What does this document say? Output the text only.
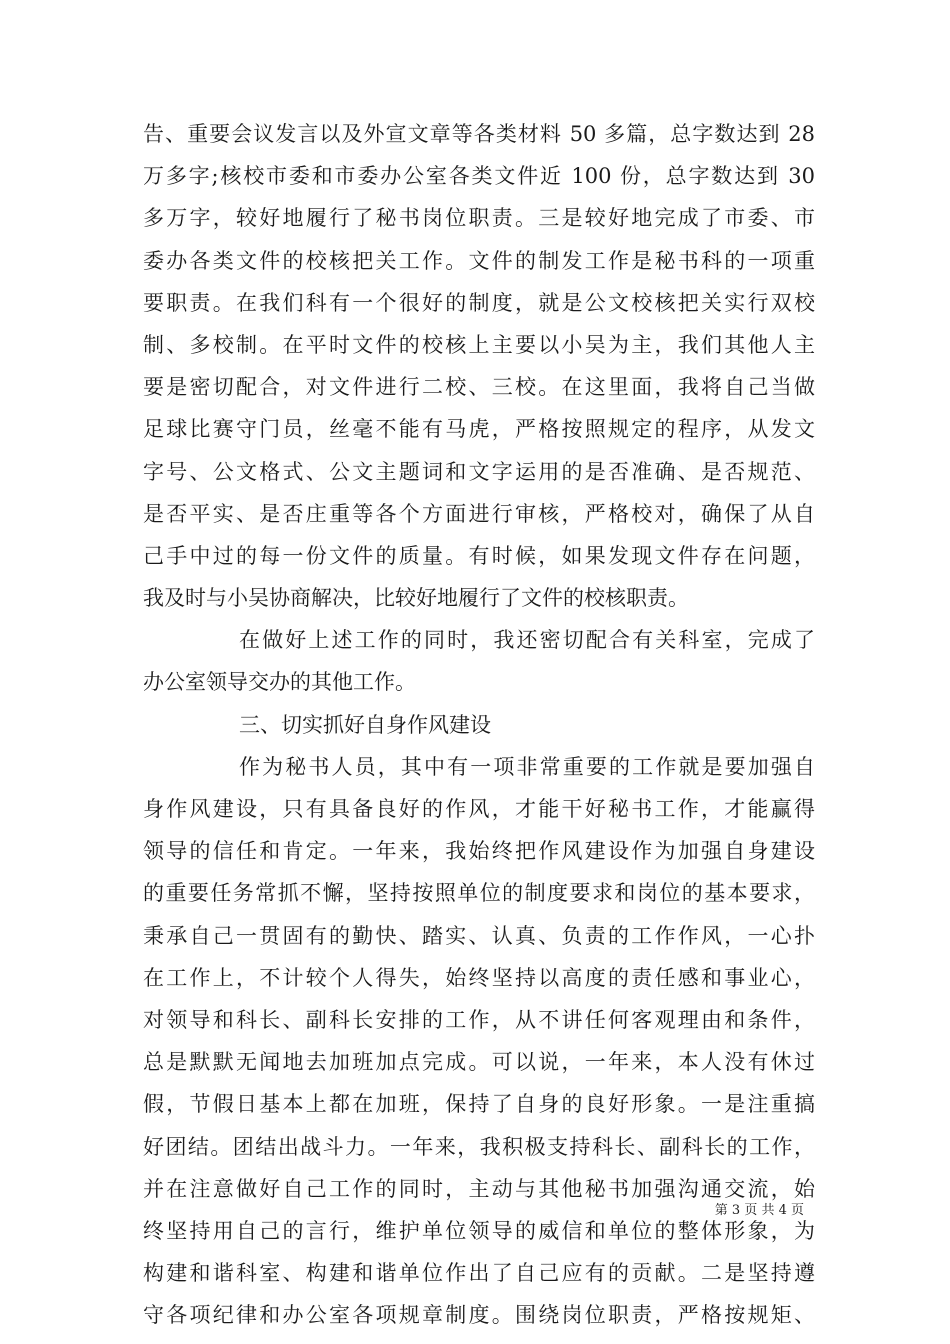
告、重要会议发言以及外宣文章等各类材料 50 多篇，总字数达到 28
万多字;核校市委和市委办公室各类文件近 100 份，总字数达到 30
多万字，较好地履行了秘书岗位职责。三是较好地完成了市委、市
委办各类文件的校核把关工作。文件的制发工作是秘书科的一项重
要职责。在我们科有一个很好的制度，就是公文校核把关实行双校
制、多校制。在平时文件的校核上主要以小吴为主，我们其他人主
要是密切配合，对文件进行二校、三校。在这里面，我将自己当做
足球比赛守门员，丝毫不能有马虎，严格按照规定的程序，从发文
字号、公文格式、公文主题词和文字运用的是否准确、是否规范、
是否平实、是否庄重等各个方面进行审核，严格校对，确保了从自
己手中过的每一份文件的质量。有时候，如果发现文件存在问题，
我及时与小吴协商解决，比较好地履行了文件的校核职责。
在做好上述工作的同时，我还密切配合有关科室，完成了
办公室领导交办的其他工作。
三、切实抓好自身作风建设
作为秘书人员，其中有一项非常重要的工作就是要加强自
身作风建设，只有具备良好的作风，才能干好秘书工作，才能赢得
领导的信任和肯定。一年来，我始终把作风建设作为加强自身建设
的重要任务常抓不懈，坚持按照单位的制度要求和岗位的基本要求，
秉承自己一贯固有的勤快、踏实、认真、负责的工作作风，一心扑
在工作上，不计较个人得失，始终坚持以高度的责任感和事业心，
对领导和科长、副科长安排的工作，从不讲任何客观理由和条件，
总是默默无闻地去加班加点完成。可以说，一年来，本人没有休过
假，节假日基本上都在加班，保持了自身的良好形象。一是注重搞
好团结。团结出战斗力。一年来，我积极支持科长、副科长的工作，
并在注意做好自己工作的同时，主动与其他秘书加强沟通交流，始
终坚持用自己的言行，维护单位领导的威信和单位的整体形象，为
构建和谐科室、构建和谐单位作出了自己应有的贡献。二是坚持遵
守各项纪律和办公室各项规章制度。围绕岗位职责，严格按规矩、
第 3 页 共 4 页
